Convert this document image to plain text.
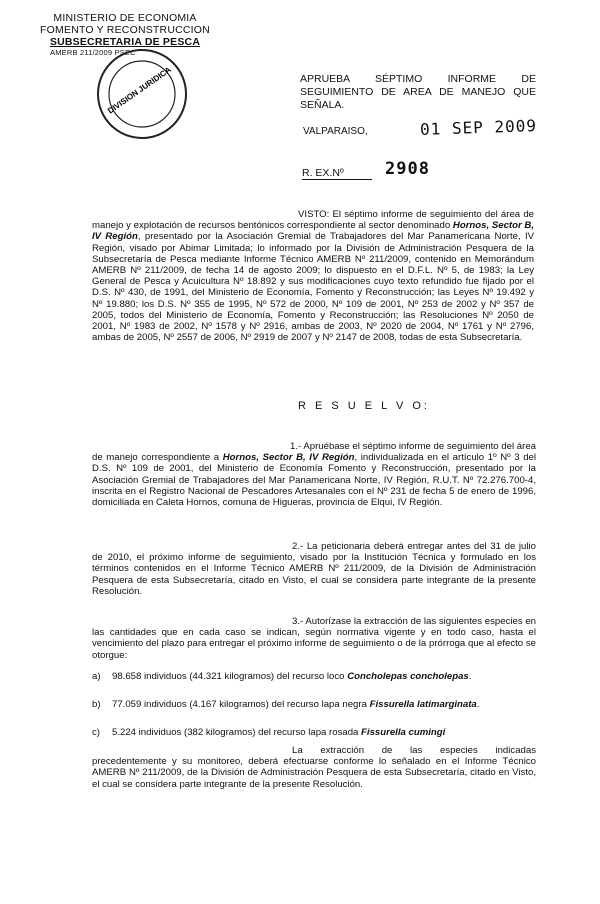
MINISTERIO DE ECONOMIA
FOMENTO Y RECONSTRUCCION
SUBSECRETARIA DE PESCA
AMERB 211/2009 PSEC
DIVISION JURIDICA	APRUEBA SÉPTIMO INFORME DE SEGUIMIENTO DE AREA DE MANEJO QUE SEÑALA.
VALPARAISO,	01 SEP 2009
R. EX.Nº	2908
VISTO: El séptimo informe de seguimiento del área de manejo y explotación de recursos bentónicos correspondiente al sector denominado Hornos, Sector B, IV Región, presentado por la Asociación Gremial de Trabajadores del Mar Panamericana Norte, IV Región, visado por Abimar Limitada; lo informado por la División de Administración Pesquera de la Subsecretaría de Pesca mediante Informe Técnico AMERB Nº 211/2009, contenido en Memorándum AMERB Nº 211/2009, de fecha 14 de agosto 2009; lo dispuesto en el D.F.L. Nº 5, de 1983; la Ley General de Pesca y Acuicultura Nº 18.892 y sus modificaciones cuyo texto refundido fue fijado por el D.S. Nº 430, de 1991, del Ministerio de Economía, Fomento y Reconstrucción; las Leyes Nº 19.492 y Nº 19.880; los D.S. Nº 355 de 1995, Nº 572 de 2000, Nº 109 de 2001, Nº 253 de 2002 y Nº 357 de 2005, todos del Ministerio de Economía, Fomento y Reconstrucción; las Resoluciones Nº 2050 de 2001, Nº 1983 de 2002, Nº 1578 y Nº 2916, ambas de 2003, Nº 2020 de 2004, Nº 1761 y Nº 2796, ambas de 2005, Nº 2557 de 2006, Nº 2919 de 2007 y Nº 2147 de 2008, todas de esta Subsecretaría.
R E S U E L V O:
1.- Apruébase el séptimo informe de seguimiento del área de manejo correspondiente a Hornos, Sector B, IV Región, individualizada en el artículo 1º Nº 3 del D.S. Nº 109 de 2001, del Ministerio de Economía Fomento y Reconstrucción, presentado por la Asociación Gremial de Trabajadores del Mar Panamericana Norte, IV Región, R.U.T. Nº 72.276.700-4, inscrita en el Registro Nacional de Pescadores Artesanales con el Nº 231 de fecha 5 de enero de 1996, domiciliada en Caleta Hornos, comuna de Higueras, provincia de Elqui, IV Región.
2.- La peticionaria deberá entregar antes del 31 de julio de 2010, el próximo informe de seguimiento, visado por la Institución Técnica y formulado en los términos contenidos en el Informe Técnico AMERB Nº 211/2009, de la División de Administración Pesquera de esta Subsecretaría, citado en Visto, el cual se considera parte integrante de la presente Resolución.
3.- Autorízase la extracción de las siguientes especies en las cantidades que en cada caso se indican, según normativa vigente y en todo caso, hasta el vencimiento del plazo para entregar el próximo informe de seguimiento o de la prórroga que al efecto se otorgue:
a) 98.658 individuos (44.321 kilogramos) del recurso loco Concholepas concholepas.
b) 77.059 individuos (4.167 kilogramos) del recurso lapa negra Fissurella latimarginata.
c) 5.224 individuos (382 kilogramos) del recurso lapa rosada Fissurella cumingi
La extracción de las especies indicadas precedentemente y su monitoreo, deberá efectuarse conforme lo señalado en el Informe Técnico AMERB Nº 211/2009, de la División de Administración Pesquera de esta Subsecretaría, citado en Visto, el cual se considera parte integrante de la presente Resolución.
